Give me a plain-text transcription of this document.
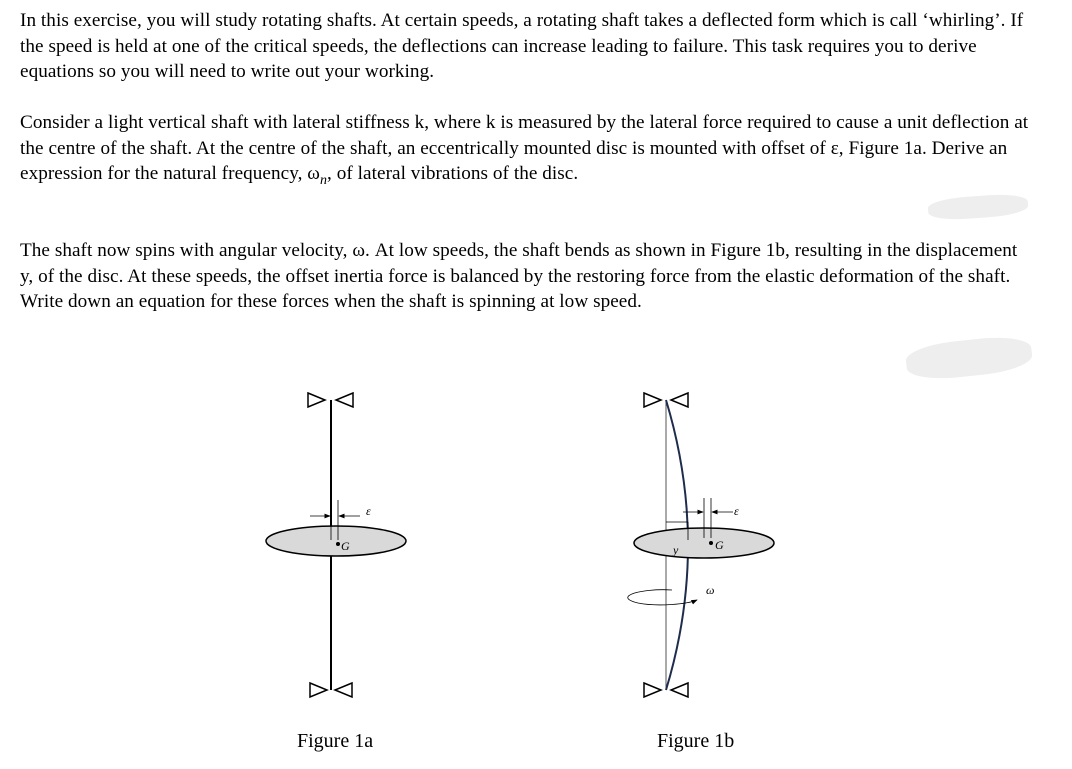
In this exercise, you will study rotating shafts. At certain speeds, a rotating shaft takes a deflected form which is call ‘whirling’. If the speed is held at one of the critical speeds, the deflections can increase leading to failure. This task requires you to derive equations so you will need to write out your working.

Consider a light vertical shaft with lateral stiffness k, where k is measured by the lateral force required to cause a unit deflection at the centre of the shaft. At the centre of the shaft, an eccentrically mounted disc is mounted with offset of ε, Figure 1a. Derive an expression for the natural frequency, $\omega_n$, of lateral vibrations of the disc.

The shaft now spins with angular velocity, ω. At low speeds, the shaft bends as shown in Figure 1b, resulting in the displacement y, of the disc. At these speeds, the offset inertia force is balanced by the restoring force from the elastic deformation of the shaft. Write down an equation for these forces when the shaft is spinning at low speed.

G
ε
y	G
ε
ω
Figure 1a	Figure 1b
